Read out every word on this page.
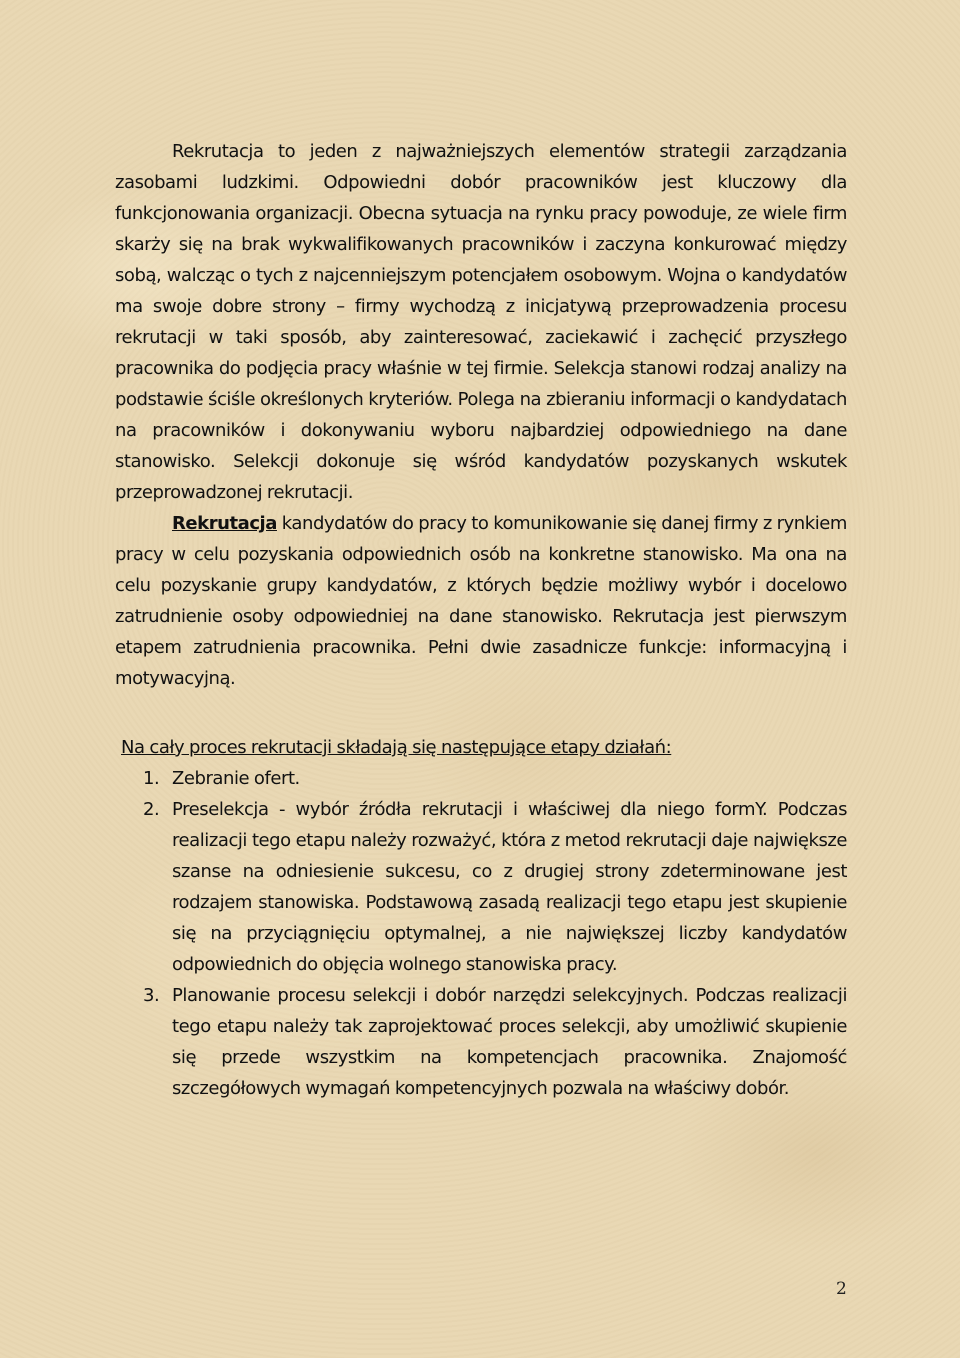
Rekrutacja to jeden z najważniejszych elementów strategii zarządzania zasobami ludzkimi. Odpowiedni dobór pracowników jest kluczowy dla funkcjonowania organizacji. Obecna sytuacja na rynku pracy powoduje, ze wiele firm skarży się na brak wykwalifikowanych pracowników i zaczyna konkurować między sobą, walcząc o tych z najcenniejszym potencjałem osobowym. Wojna o kandydatów ma swoje dobre strony – firmy wychodzą z inicjatywą przeprowadzenia procesu rekrutacji w taki sposób, aby zainteresować, zaciekawić i zachęcić przyszłego pracownika do podjęcia pracy właśnie w tej firmie. Selekcja stanowi rodzaj analizy na podstawie ściśle określonych kryteriów. Polega na zbieraniu informacji o kandydatach na pracowników i dokonywaniu wyboru najbardziej odpowiedniego na dane stanowisko. Selekcji dokonuje się wśród kandydatów pozyskanych wskutek przeprowadzonej rekrutacji.

Rekrutacja kandydatów do pracy to komunikowanie się danej firmy z rynkiem pracy w celu pozyskania odpowiednich osób na konkretne stanowisko. Ma ona na celu pozyskanie grupy kandydatów, z których będzie możliwy wybór i docelowo zatrudnienie osoby odpowiedniej na dane stanowisko. Rekrutacja jest pierwszym etapem zatrudnienia pracownika. Pełni dwie zasadnicze funkcje: informacyjną i motywacyjną.

Na cały proces rekrutacji składają się następujące etapy działań:

1. Zebranie ofert.
2. Preselekcja - wybór źródła rekrutacji i właściwej dla niego formY. Podczas realizacji tego etapu należy rozważyć, która z metod rekrutacji daje największe szanse na odniesienie sukcesu, co z drugiej strony zdeterminowane jest rodzajem stanowiska. Podstawową zasadą realizacji tego etapu jest skupienie się na przyciągnięciu optymalnej, a nie największej liczby kandydatów odpowiednich do objęcia wolnego stanowiska pracy.
3. Planowanie procesu selekcji i dobór narzędzi selekcyjnych. Podczas realizacji tego etapu należy tak zaprojektować proces selekcji, aby umożliwić skupienie się przede wszystkim na kompetencjach pracownika. Znajomość szczegółowych wymagań kompetencyjnych pozwala na właściwy dobór.
2
